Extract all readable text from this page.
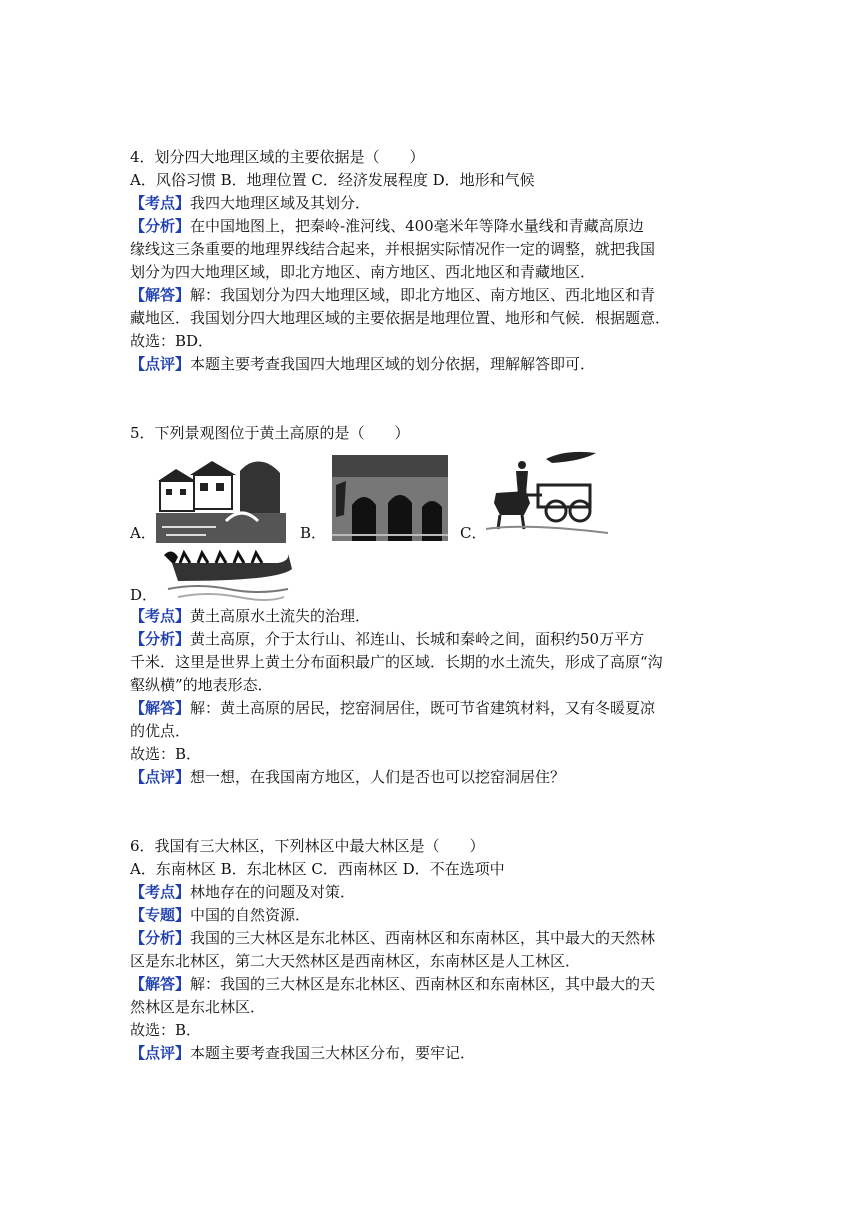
4．划分四大地理区域的主要依据是（　　）
A．风俗习惯 B．地理位置 C．经济发展程度 D．地形和气候
【考点】我四大地理区域及其划分．
【分析】在中国地图上，把秦岭-淮河线、400毫米年等降水量线和青藏高原边
缘线这三条重要的地理界线结合起来，并根据实际情况作一定的调整，就把我国
划分为四大地理区域，即北方地区、南方地区、西北地区和青藏地区．
【解答】解：我国划分为四大地理区域，即北方地区、南方地区、西北地区和青
藏地区．我国划分四大地理区域的主要依据是地理位置、地形和气候．根据题意．
故选：BD．
【点评】本题主要考查我国四大地理区域的划分依据，理解解答即可．
5．下列景观图位于黄土高原的是（　　）
A．	B．	C．
D．
【考点】黄土高原水土流失的治理．
【分析】黄土高原，介于太行山、祁连山、长城和秦岭之间，面积约50万平方
千米．这里是世界上黄土分布面积最广的区域．长期的水土流失，形成了高原“沟
壑纵横”的地表形态．
【解答】解：黄土高原的居民，挖窑洞居住，既可节省建筑材料，又有冬暖夏凉
的优点．
故选：B．
【点评】想一想，在我国南方地区，人们是否也可以挖窑洞居住？
6．我国有三大林区，下列林区中最大林区是（　　）
A．东南林区 B．东北林区 C．西南林区 D．不在选项中
【考点】林地存在的问题及对策．
【专题】中国的自然资源．
【分析】我国的三大林区是东北林区、西南林区和东南林区，其中最大的天然林
区是东北林区，第二大天然林区是西南林区，东南林区是人工林区．
【解答】解：我国的三大林区是东北林区、西南林区和东南林区，其中最大的天
然林区是东北林区．
故选：B．
【点评】本题主要考查我国三大林区分布，要牢记．
